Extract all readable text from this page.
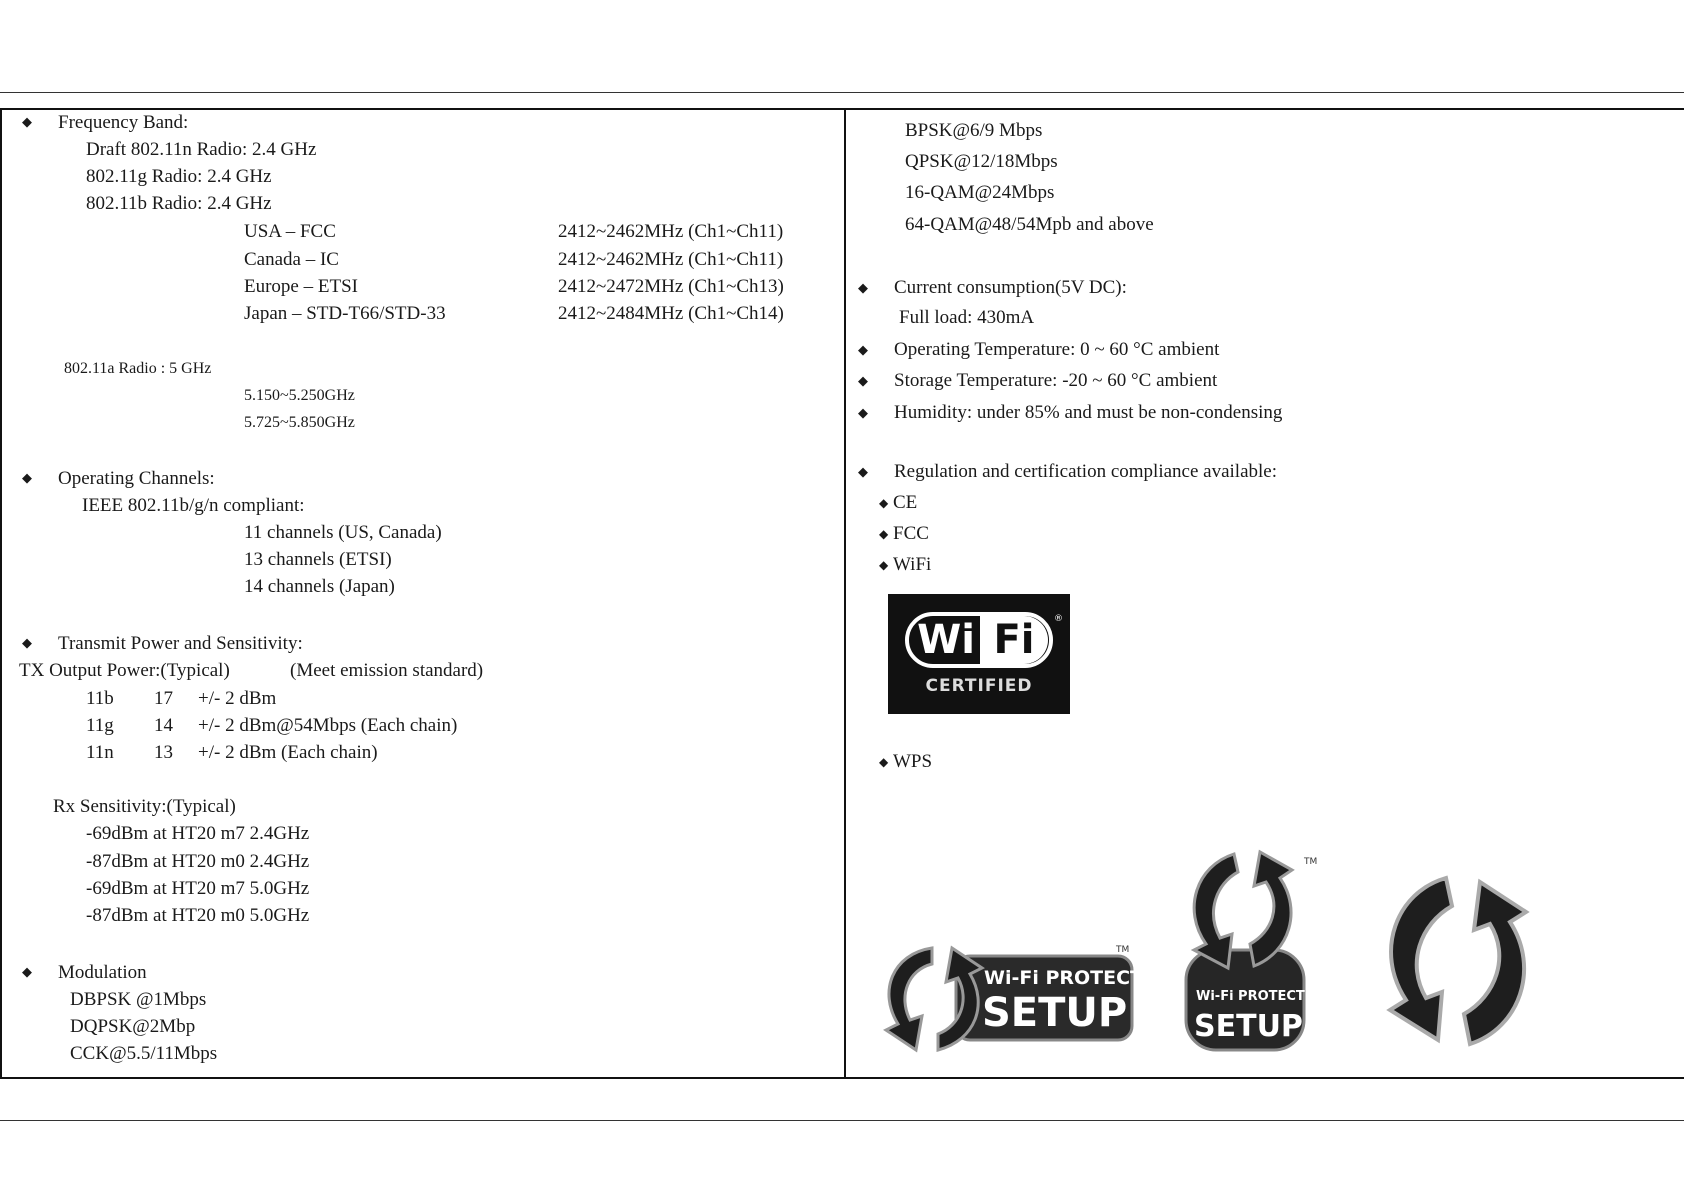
◆ Frequency Band:
Draft 802.11n Radio: 2.4 GHz
802.11g Radio: 2.4 GHz
802.11b Radio: 2.4 GHz
USA – FCC	2412~2462MHz (Ch1~Ch11)
Canada – IC	2412~2462MHz (Ch1~Ch11)
Europe – ETSI	2412~2472MHz (Ch1~Ch13)
Japan – STD-T66/STD-33	2412~2484MHz (Ch1~Ch14)
802.11a Radio : 5 GHz
5.150~5.250GHz
5.725~5.850GHz
◆ Operating Channels:
IEEE 802.11b/g/n compliant:
11 channels (US, Canada)
13 channels (ETSI)
14 channels (Japan)
◆ Transmit Power and Sensitivity:
TX Output Power:(Typical)	(Meet emission standard)
11b 17 +/- 2 dBm
11g 14 +/- 2 dBm@54Mbps (Each chain)
11n 13 +/- 2 dBm (Each chain)
Rx Sensitivity:(Typical)
-69dBm at HT20 m7 2.4GHz
-87dBm at HT20 m0 2.4GHz
-69dBm at HT20 m7 5.0GHz
-87dBm at HT20 m0 5.0GHz
◆ Modulation
DBPSK @1Mbps
DQPSK@2Mbp
CCK@5.5/11Mbps
BPSK@6/9 Mbps
QPSK@12/18Mbps
16-QAM@24Mbps
64-QAM@48/54Mpb and above
◆ Current consumption(5V DC):
Full load: 430mA
◆ Operating Temperature: 0 ~ 60 °C ambient
◆ Storage Temperature: -20 ~ 60 °C ambient
◆ Humidity: under 85% and must be non-condensing
◆ Regulation and certification compliance available:
◆ CE
◆ FCC
◆ WiFi
Wi Fi	®
CERTIFIED
◆ WPS
Wi-Fi PROTECTED
SETUP
TM
Wi-Fi PROTECTED
SETUP
TM
